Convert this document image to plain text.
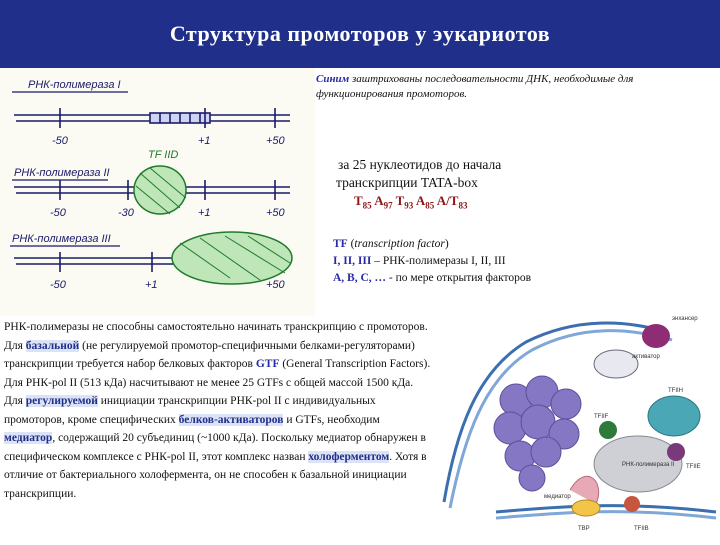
Структура промоторов у эукариотов
РНК-полимераза I
РНК-полимераза II
РНК-полимераза III
-50	+1	+50
-50	-30	+1	+50
-50	+1	+50
TF IID
Синим заштрихованы последовательности ДНК, необходимые для функционирования промоторов.
за 25 нуклеотидов до начала
транскрипции TATA-box
$T_{85}$ $A_{97}$ $T_{93}$ $A_{85}$ $A/T_{83}$
TF (transcription factor)
I, II, III – РНК-полимеразы I, II, III
A, B, C, … - по мере открытия факторов
РНК-полимеразы не способны самостоятельно начинать транскрипцию с промоторов. Для базальной (не регулируемой промотор-специфичными белками-регуляторами) транскрипции требуется набор белковых факторов GTF (General Transcription Factors). Для РНК-pol II (513 кДа) насчитывают не менее 25 GTFs с общей массой 1500 кДа. Для регулируемой инициации транскрипции РНК-pol II с индивидуальных промоторов, кроме специфических белков-активаторов и GTFs, необходим медиатор, содержащий 20 субъединиц (~1000 кДа). Поскольку медиатор обнаружен в специфическом комплексе с РНК-pol II, этот комплекс назван холоферментом. Хотя в отличие от бактериального холофермента, он не способен к базальной инициации транскрипции.
энхансер
активатор
медиатор
TFIIH
TFIIF
TFIIE
РНК-полимераза II
TBP	TFIIB
